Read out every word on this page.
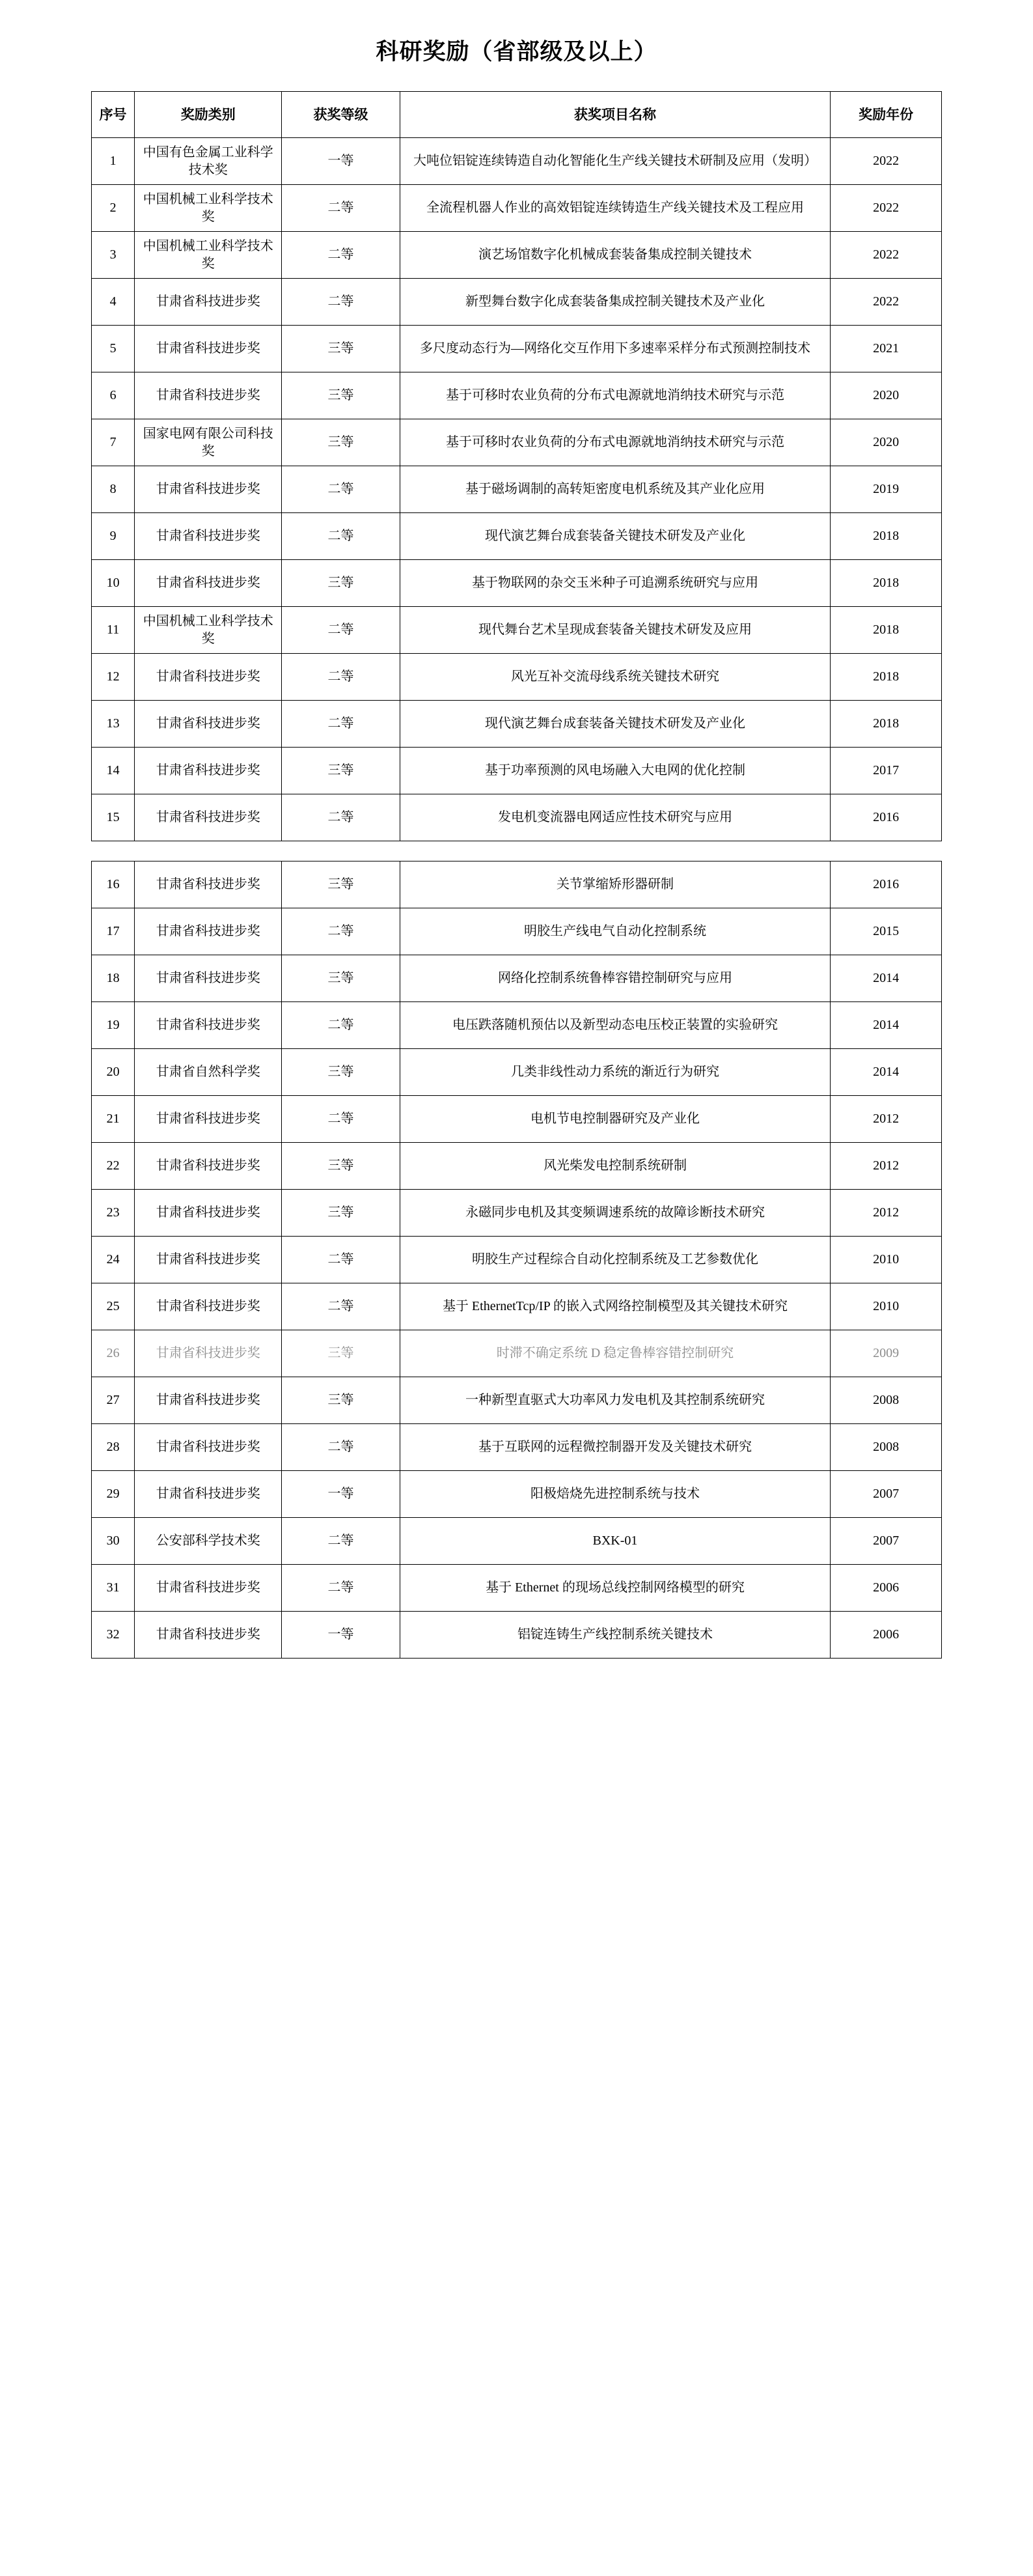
科研奖励（省部级及以上）
序号	奖励类别	获奖等级	获奖项目名称	奖励年份
1	中国有色金属工业科学技术奖	一等	大吨位铝锭连续铸造自动化智能化生产线关键技术研制及应用（发明）	2022
2	中国机械工业科学技术奖	二等	全流程机器人作业的高效铝锭连续铸造生产线关键技术及工程应用	2022
3	中国机械工业科学技术奖	二等	演艺场馆数字化机械成套装备集成控制关键技术	2022
4	甘肃省科技进步奖	二等	新型舞台数字化成套装备集成控制关键技术及产业化	2022
5	甘肃省科技进步奖	三等	多尺度动态行为—网络化交互作用下多速率采样分布式预测控制技术	2021
6	甘肃省科技进步奖	三等	基于可移时农业负荷的分布式电源就地消纳技术研究与示范	2020
7	国家电网有限公司科技奖	三等	基于可移时农业负荷的分布式电源就地消纳技术研究与示范	2020
8	甘肃省科技进步奖	二等	基于磁场调制的高转矩密度电机系统及其产业化应用	2019
9	甘肃省科技进步奖	二等	现代演艺舞台成套装备关键技术研发及产业化	2018
10	甘肃省科技进步奖	三等	基于物联网的杂交玉米种子可追溯系统研究与应用	2018
11	中国机械工业科学技术奖	二等	现代舞台艺术呈现成套装备关键技术研发及应用	2018
12	甘肃省科技进步奖	二等	风光互补交流母线系统关键技术研究	2018
13	甘肃省科技进步奖	二等	现代演艺舞台成套装备关键技术研发及产业化	2018
14	甘肃省科技进步奖	三等	基于功率预测的风电场融入大电网的优化控制	2017
15	甘肃省科技进步奖	二等	发电机变流器电网适应性技术研究与应用	2016
16	甘肃省科技进步奖	三等	关节掌缩矫形器研制	2016
17	甘肃省科技进步奖	二等	明胶生产线电气自动化控制系统	2015
18	甘肃省科技进步奖	三等	网络化控制系统鲁棒容错控制研究与应用	2014
19	甘肃省科技进步奖	二等	电压跌落随机预估以及新型动态电压校正装置的实验研究	2014
20	甘肃省自然科学奖	三等	几类非线性动力系统的渐近行为研究	2014
21	甘肃省科技进步奖	二等	电机节电控制器研究及产业化	2012
22	甘肃省科技进步奖	三等	风光柴发电控制系统研制	2012
23	甘肃省科技进步奖	三等	永磁同步电机及其变频调速系统的故障诊断技术研究	2012
24	甘肃省科技进步奖	二等	明胶生产过程综合自动化控制系统及工艺参数优化	2010
25	甘肃省科技进步奖	二等	基于 EthernetTcp/IP 的嵌入式网络控制模型及其关键技术研究	2010
26	甘肃省科技进步奖	三等	时滞不确定系统 D 稳定鲁棒容错控制研究	2009
27	甘肃省科技进步奖	三等	一种新型直驱式大功率风力发电机及其控制系统研究	2008
28	甘肃省科技进步奖	二等	基于互联网的远程微控制器开发及关键技术研究	2008
29	甘肃省科技进步奖	一等	阳极焙烧先进控制系统与技术	2007
30	公安部科学技术奖	二等	BXK-01	2007
31	甘肃省科技进步奖	二等	基于 Ethernet 的现场总线控制网络模型的研究	2006
32	甘肃省科技进步奖	一等	铝锭连铸生产线控制系统关键技术	2006
